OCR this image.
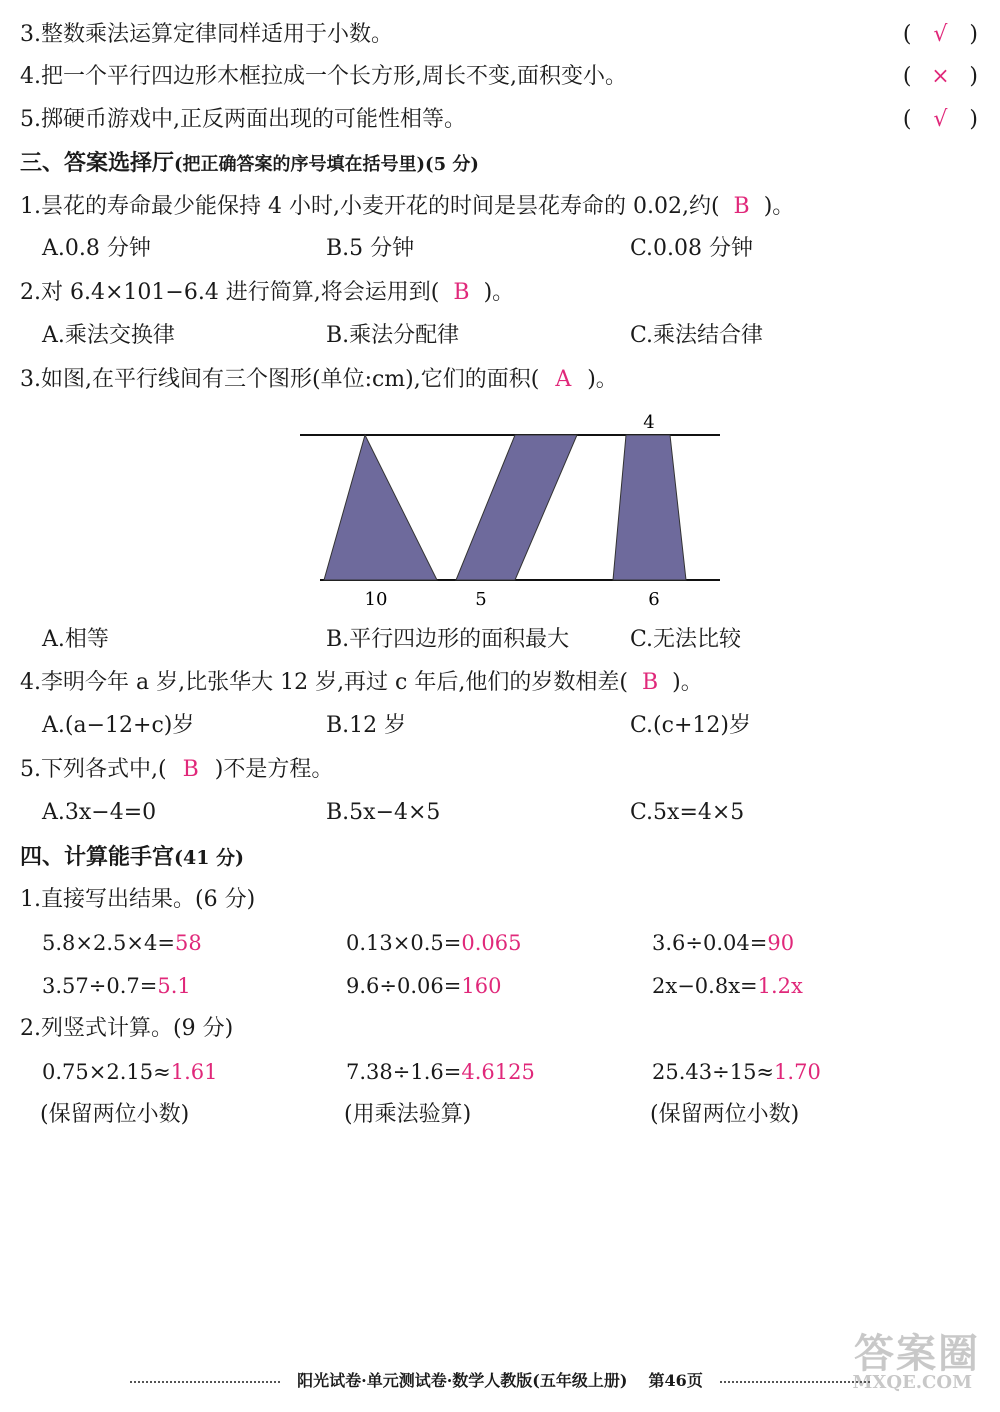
3.整数乘法运算定律同样适用于小数。	( √ )
4.把一个平行四边形木框拉成一个长方形,周长不变,面积变小。	( × )
5.掷硬币游戏中,正反两面出现的可能性相等。	( √ )
三、答案选择厅(把正确答案的序号填在括号里)(5 分)
1.昙花的寿命最少能保持 4 小时,小麦开花的时间是昙花寿命的 0.02,约( B )。
A.0.8 分钟	B.5 分钟	C.0.08 分钟
2.对 6.4×101−6.4 进行简算,将会运用到( B )。
A.乘法交换律	B.乘法分配律	C.乘法结合律
3.如图,在平行线间有三个图形(单位:cm),它们的面积( A )。
4
10	5	6
A.相等	B.平行四边形的面积最大	C.无法比较
4.李明今年 a 岁,比张华大 12 岁,再过 c 年后,他们的岁数相差( B )。
A.(a−12+c)岁	B.12 岁	C.(c+12)岁
5.下列各式中,( B )不是方程。
A.3x−4=0	B.5x−4×5	C.5x=4×5
四、计算能手宫(41 分)
1.直接写出结果。(6 分)
5.8×2.5×4=58	0.13×0.5=0.065	3.6÷0.04=90
3.57÷0.7=5.1	9.6÷0.06=160	2x−0.8x=1.2x
2.列竖式计算。(9 分)
0.75×2.15≈1.61	7.38÷1.6=4.6125	25.43÷15≈1.70
(保留两位小数)	(用乘法验算)	(保留两位小数)
答案圈
MXQE.COM
阳光试卷·单元测试卷·数学人教版(五年级上册) 第46页
